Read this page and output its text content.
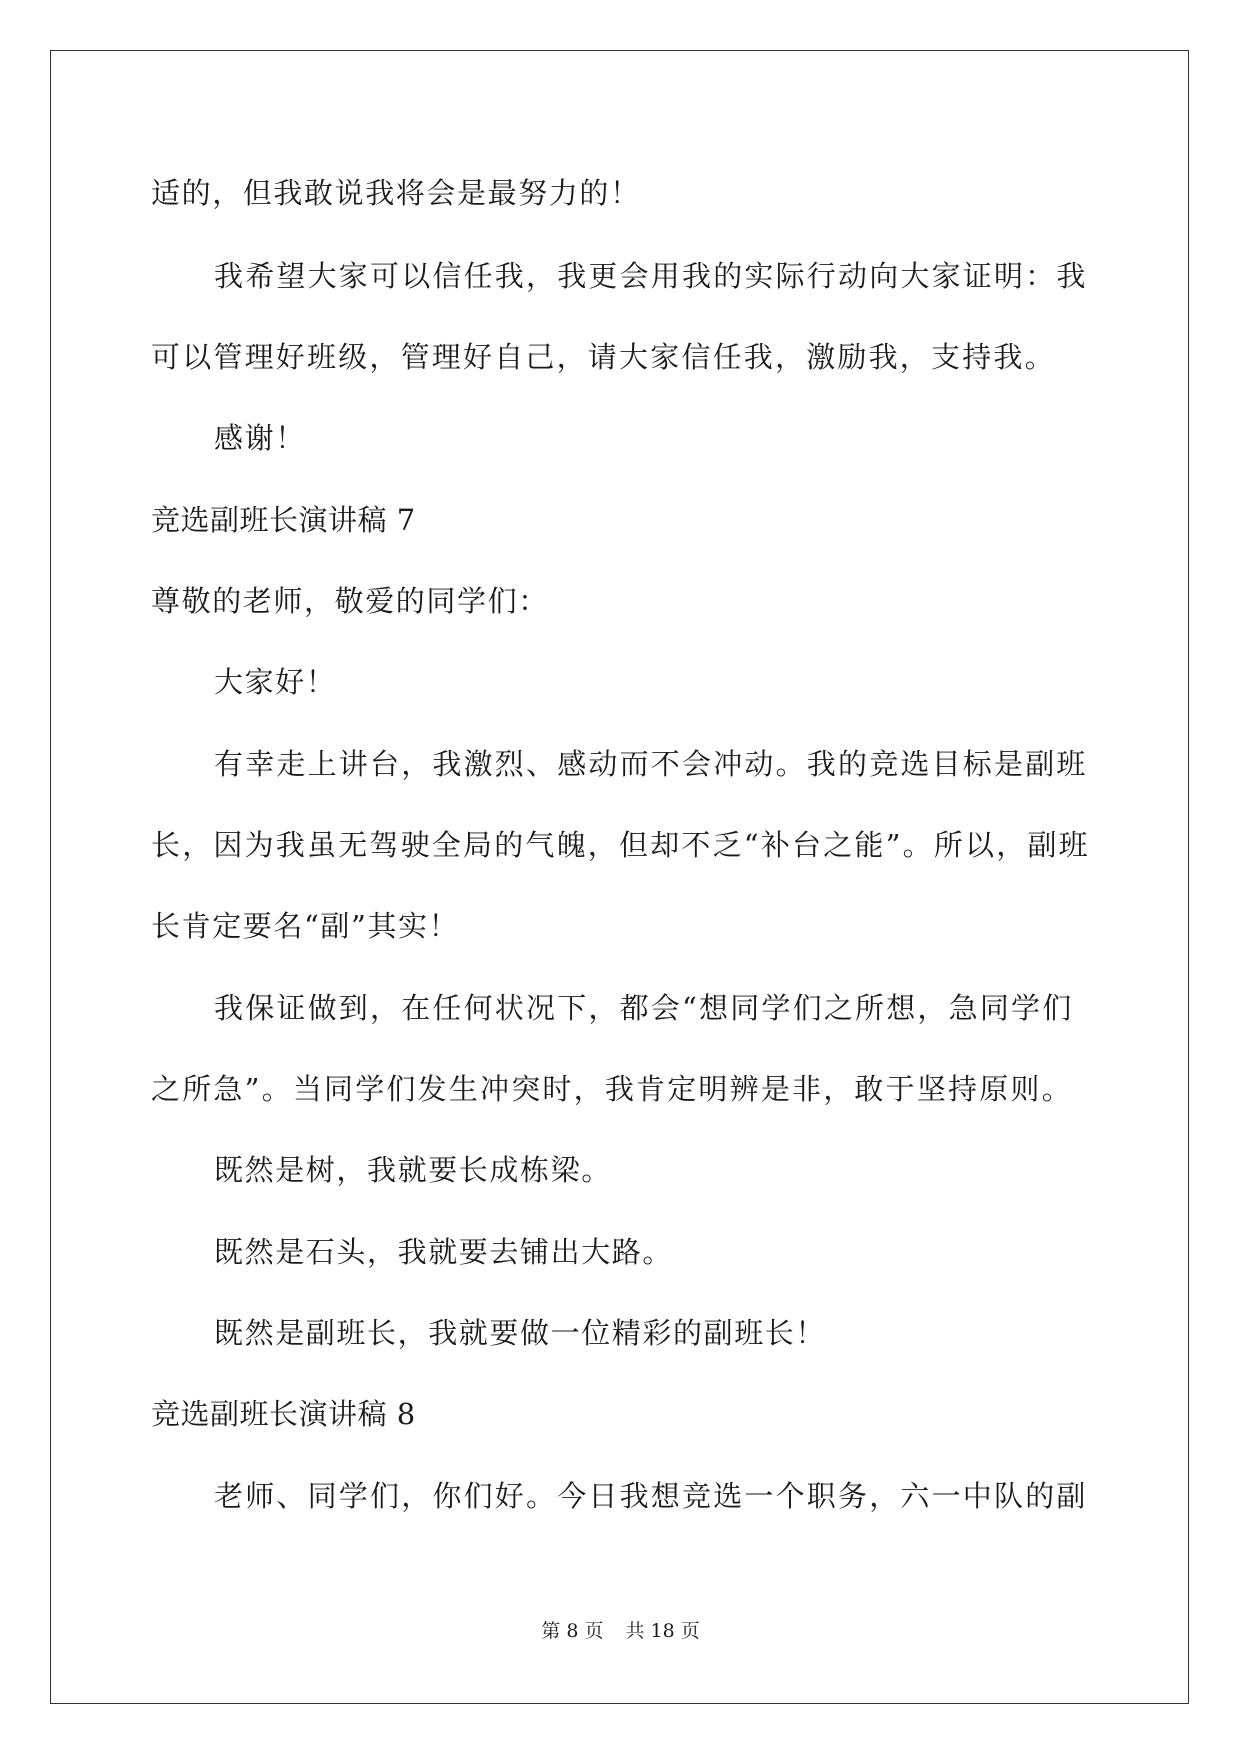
适的，但我敢说我将会是最努力的！
我希望大家可以信任我，我更会用我的实际行动向大家证明：我
可以管理好班级，管理好自己，请大家信任我，激励我，支持我。
感谢！
竞选副班长演讲稿 7
尊敬的老师，敬爱的同学们：
大家好！
有幸走上讲台，我激烈、感动而不会冲动。我的竞选目标是副班
长，因为我虽无驾驶全局的气魄，但却不乏“补台之能”。所以，副班
长肯定要名“副”其实！
我保证做到，在任何状况下，都会“想同学们之所想，急同学们
之所急”。当同学们发生冲突时，我肯定明辨是非，敢于坚持原则。
既然是树，我就要长成栋梁。
既然是石头，我就要去铺出大路。
既然是副班长，我就要做一位精彩的副班长！
竞选副班长演讲稿 8
老师、同学们，你们好。今日我想竞选一个职务，六一中队的副
第 8 页 共 18 页
